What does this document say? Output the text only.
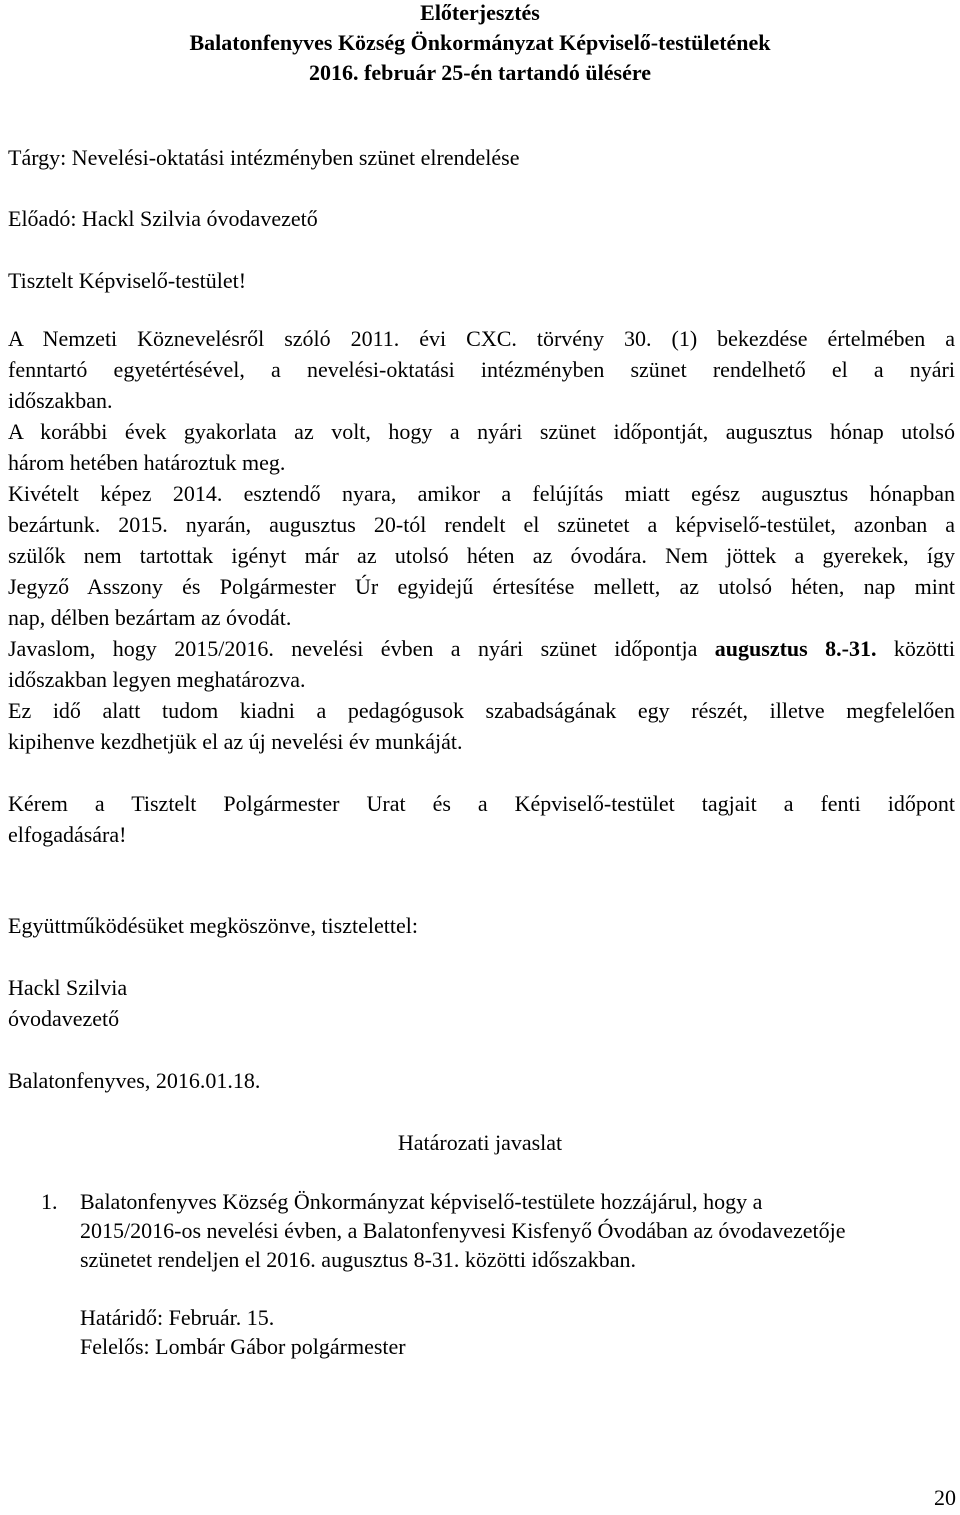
Előterjesztés
Balatonfenyves Község Önkormányzat Képviselő-testületének
2016. február 25-én tartandó ülésére
Tárgy: Nevelési-oktatási intézményben szünet elrendelése
Előadó: Hackl Szilvia óvodavezető
Tisztelt Képviselő-testület!
A Nemzeti Köznevelésről szóló 2011. évi CXC. törvény 30. (1) bekezdése értelmében a
fenntartó egyetértésével, a nevelési-oktatási intézményben szünet rendelhető el a nyári
időszakban.
A korábbi évek gyakorlata az volt, hogy a nyári szünet időpontját, augusztus hónap utolsó
három hetében határoztuk meg.
Kivételt képez 2014. esztendő nyara, amikor a felújítás miatt egész augusztus hónapban
bezártunk. 2015. nyarán, augusztus 20-tól rendelt el szünetet a képviselő-testület, azonban a
szülők nem tartottak igényt már az utolsó héten az óvodára. Nem jöttek a gyerekek, így
Jegyző Asszony és Polgármester Úr egyidejű értesítése mellett, az utolsó héten, nap mint
nap, délben bezártam az óvodát.
Javaslom, hogy 2015/2016. nevelési évben a nyári szünet időpontja augusztus 8.-31. közötti
időszakban legyen meghatározva.
Ez idő alatt tudom kiadni a pedagógusok szabadságának egy részét, illetve megfelelően
kipihenve kezdhetjük el az új nevelési év munkáját.
Kérem a Tisztelt Polgármester Urat és a Képviselő-testület tagjait a fenti időpont
elfogadására!
Együttműködésüket megköszönve, tisztelettel:
Hackl Szilvia
óvodavezető
Balatonfenyves, 2016.01.18.
Határozati javaslat
1. Balatonfenyves Község Önkormányzat képviselő-testülete hozzájárul, hogy a
2015/2016-os nevelési évben, a Balatonfenyvesi Kisfenyő Óvodában az óvodavezetője
szünetet rendeljen el 2016. augusztus 8-31. közötti időszakban.
Határidő: Február. 15.
Felelős: Lombár Gábor polgármester
20
